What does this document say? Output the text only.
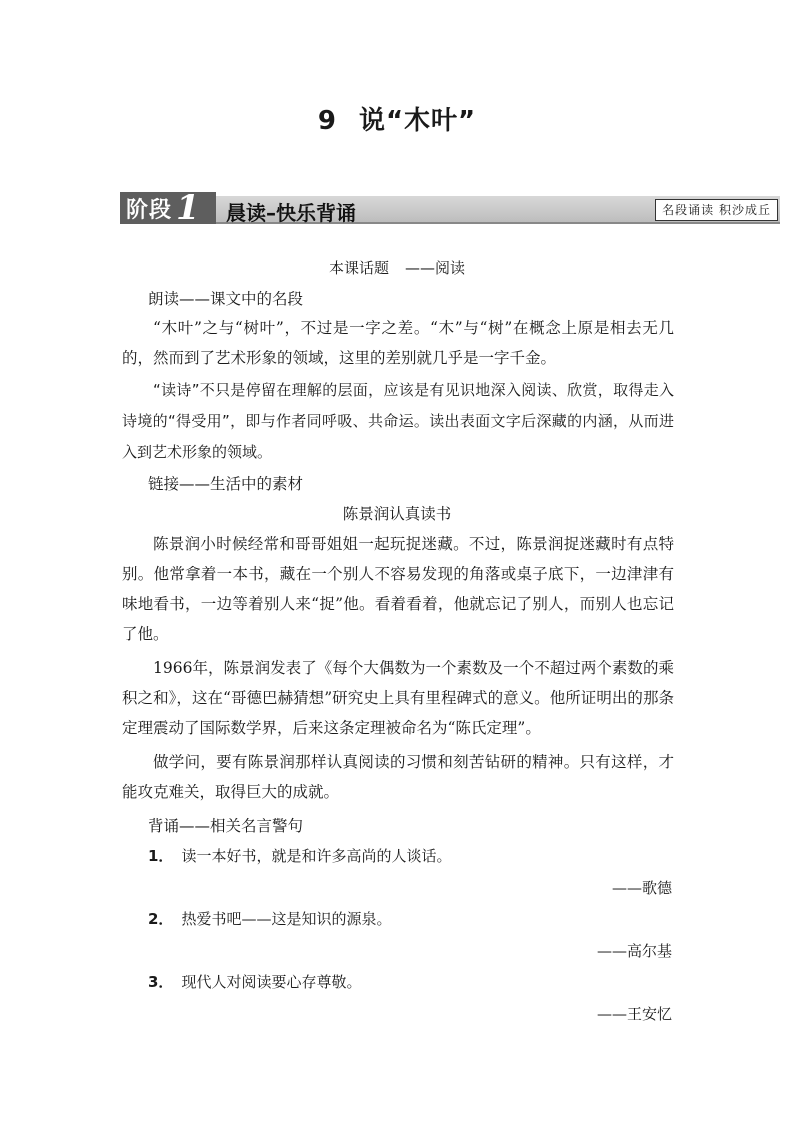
9 说“木叶”
阶段 1 晨读–快乐背诵	名段诵读 积沙成丘
本课话题 ——阅读
朗读——课文中的名段
“木叶”之与“树叶”，不过是一字之差。“木”与“树”在概念上原是相去无几的，然而到了艺术形象的领域，这里的差别就几乎是一字千金。
“读诗”不只是停留在理解的层面，应该是有见识地深入阅读、欣赏，取得走入诗境的“得受用”，即与作者同呼吸、共命运。读出表面文字后深藏的内涵，从而进入到艺术形象的领域。
链接——生活中的素材
陈景润认真读书
陈景润小时候经常和哥哥姐姐一起玩捉迷藏。不过，陈景润捉迷藏时有点特别。他常拿着一本书，藏在一个别人不容易发现的角落或桌子底下，一边津津有味地看书，一边等着别人来“捉”他。看着看着，他就忘记了别人，而别人也忘记了他。
1966年，陈景润发表了《每个大偶数为一个素数及一个不超过两个素数的乘积之和》，这在“哥德巴赫猜想”研究史上具有里程碑式的意义。他所证明出的那条定理震动了国际数学界，后来这条定理被命名为“陈氏定理”。
做学问，要有陈景润那样认真阅读的习惯和刻苦钻研的精神。只有这样，才能攻克难关，取得巨大的成就。
背诵——相关名言警句
1． 读一本好书，就是和许多高尚的人谈话。
——歌德
2． 热爱书吧——这是知识的源泉。
——高尔基
3． 现代人对阅读要心存尊敬。
——王安忆
